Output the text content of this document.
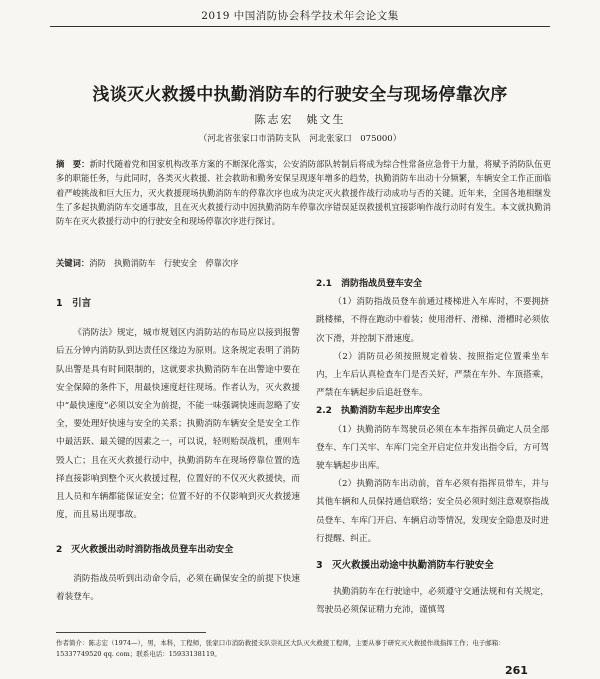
2019 中国消防协会科学技术年会论文集
浅谈灭火救援中执勤消防车的行驶安全与现场停靠次序
陈志宏　姚文生
（河北省张家口市消防支队　河北张家口　075000）
摘　要：新时代随着党和国家机构改革方案的不断深化落实，公安消防部队转制后将成为综合性常备应急骨干力量，将赋予消防队伍更多的职能任务，与此同时，各类灭火救援、社会救助和勤务安保呈现逐年增多的趋势，执勤消防车出动十分频繁，车辆安全工作正面临着严峻挑战和巨大压力，灭火救援现场执勤消防车的停靠次序也成为决定灭火救援作战行动成功与否的关键。近年来，全国各地相继发生了多起执勤消防车交通事故，且在灭火救援行动中因执勤消防车停靠次序错误延误救援机宜接影响作战行动时有发生。本文就执勤消防车在灭火救援行动中的行驶安全和现场停靠次序进行探讨。
关键词：消防　执勤消防车　行驶安全　停靠次序

1　引言

《消防法》规定，城市规划区内消防站的布局应以接到报警后五分钟内消防队到达责任区缘边为原则。这条规定表明了消防队出警是具有时间限制的，这就要求执勤消防车在出警途中要在安全保障的条件下，用最快速度赶往现场。作者认为，灭火救援中“最快速度”必须以安全为前提，不能一味强调快速而忽略了安全，要处理好快速与安全的关系；执勤消防车辆安全是安全工作中最活跃、最关键的因素之一，可以说，轻则贻误战机，重则车毁人亡；且在灭火救援行动中，执勤消防车在现场停靠位置的选择直接影响到整个灭火救援过程，位置好的不仅灭火救援快，而且人员和车辆都能保证安全；位置不好的不仅影响到灭火救援速度，而且易出现事故。

2　灭火救援出动时消防指战员登车出动安全

消防指战员听到出动命令后，必须在确保安全的前提下快速着装登车。

2.1　消防指战员登车安全

（1）消防指战员登车前通过楼梯进入车库时，不要拥挤跳楼梯，不得在跑动中着装；使用滑杆、滑梯、滑槽时必须依次下滑，并控制下滑速度。

（2）消防员必须按照规定着装、按照指定位置乘坐车内，上车后认真检查车门是否关好，严禁在车外、车顶搭乘，严禁在车辆起步后追赶登车。

2.2　执勤消防车起步出库安全

（1）执勤消防车驾驶员必须在本车指挥员确定人员全部登车、车门关牢、车库门完全开启定位并发出指令后，方可驾驶车辆起步出库。

（2）执勤消防车出动前，首车必须有指挥员带车，并与其他车辆和人员保持通信联络；安全员必须时刻注意观察指战员登车、车库门开启、车辆启动等情况，发现安全隐患及时进行提醒、纠正。

3　灭火救援出动途中执勤消防车行驶安全

执勤消防车在行驶途中，必须遵守交通法规和有关规定，驾驶员必须保证精力充沛，谨慎驾

作者简介：陈志宏（1974—），男，本科，工程师，张家口市消防救援支队崇礼区大队灭火救援工程师，主要从事于研究灭火救援作战指挥工作；电子邮箱：15337749520 qq. com；联系电话：15933138119。
261
